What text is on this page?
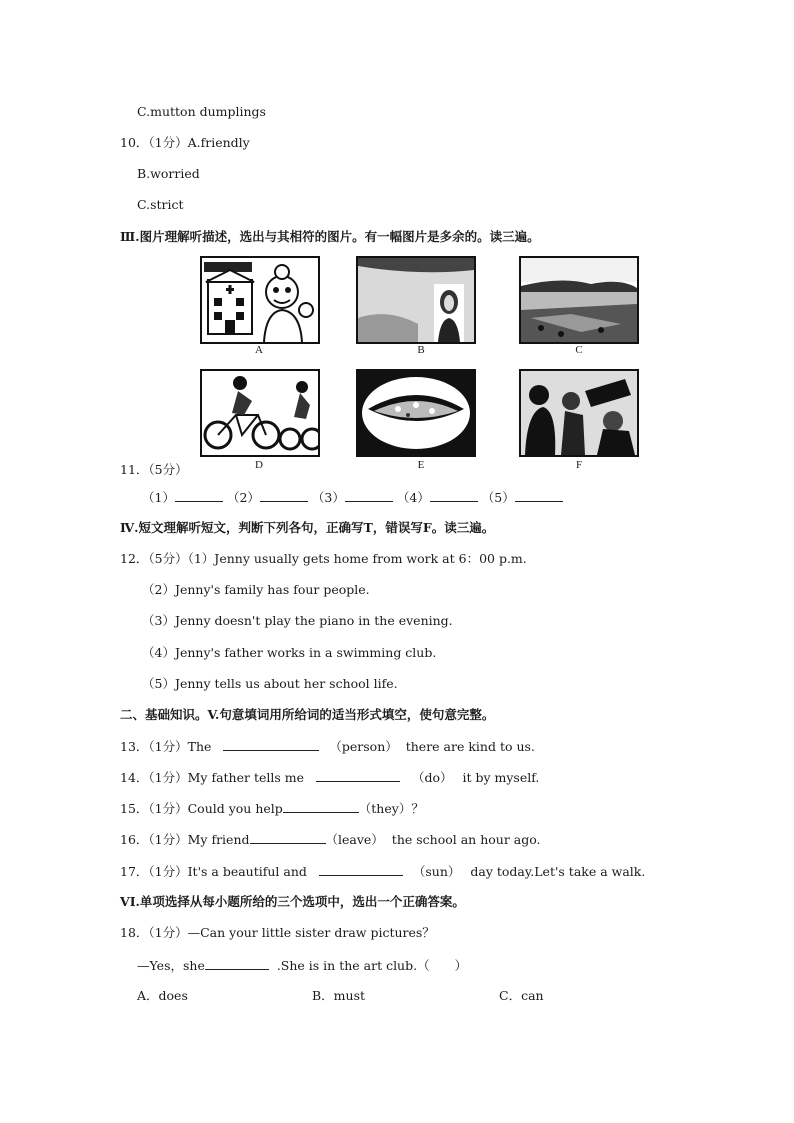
C.mutton dumplings
10．（1分）A.friendly
B.worried
C.strict
Ⅲ.图片理解听描述，选出与其相符的图片。有一幅图片是多余的。读三遍。
A	B	C
D	E	F
11．（5分）
（1）	（2）	（3）	（4）	（5）
Ⅳ.短文理解听短文，判断下列各句，正确写T，错误写F。读三遍。
12．（5分）（1）Jenny usually gets home from work at 6：00 p.m.
（2）Jenny's family has four people.
（3）Jenny doesn't play the piano in the evening.
（4）Jenny's father works in a swimming club.
（5）Jenny tells us about her school life.
二、基础知识。V.句意填词用所给词的适当形式填空，使句意完整。
13．（1分）The	（person） there are kind to us.
14．（1分）My father tells me	（do） it by myself.
15．（1分）Could you help	（they）？
16．（1分）My friend	（leave） the school an hour ago.
17．（1分）It's a beautiful and	（sun） day today.Let's take a walk.
VI.单项选择从每小题所给的三个选项中，选出一个正确答案。
18．（1分）—Can your little sister draw pictures？
—Yes，she	.She is in the art club.（　　）
A．does	B．must	C．can
